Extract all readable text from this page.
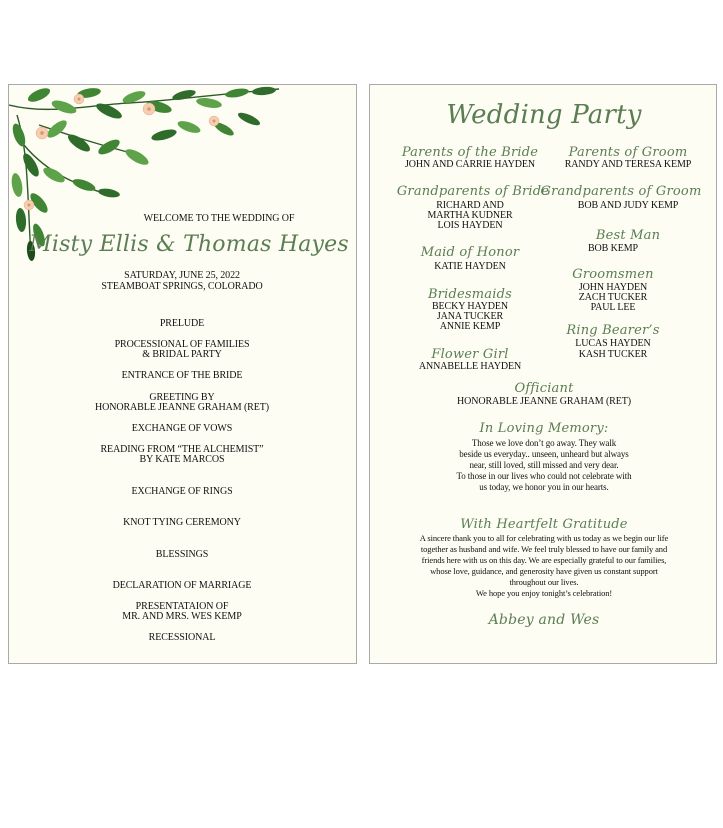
WELCOME TO THE WEDDING OF
Misty Ellis & Thomas Hayes
SATURDAY, JUNE 25, 2022
STEAMBOAT SPRINGS, COLORADO
PRELUDE
PROCESSIONAL OF FAMILIES
& BRIDAL PARTY
ENTRANCE OF THE BRIDE
GREETING BY
HONORABLE JEANNE GRAHAM (RET)
EXCHANGE OF VOWS
READING FROM “THE ALCHEMIST”
BY KATE MARCOS
EXCHANGE OF RINGS
KNOT TYING CEREMONY
BLESSINGS
DECLARATION OF MARRIAGE
PRESENTATAION OF
MR. AND MRS. WES KEMP
RECESSIONAL
Wedding Party
Parents of the Bride
JOHN AND CARRIE HAYDEN
Parents of Groom
RANDY AND TERESA KEMP
Grandparents of Bride
RICHARD AND
MARTHA KUDNER
LOIS HAYDEN
Grandparents of Groom
BOB AND JUDY KEMP
Best Man
BOB KEMP
Maid of Honor
KATIE HAYDEN
Groomsmen
JOHN HAYDEN
ZACH TUCKER
PAUL LEE
Bridesmaids
BECKY HAYDEN
JANA TUCKER
ANNIE KEMP	Ring Bearer’s
LUCAS HAYDEN
KASH TUCKER
Flower Girl
ANNABELLE HAYDEN
Officiant
HONORABLE JEANNE GRAHAM (RET)
In Loving Memory:
Those we love don’t go away. They walk
beside us everyday.. unseen, unheard but always
near, still loved, still missed and very dear.
To those in our lives who could not celebrate with
us today, we honor you in our hearts.
With Heartfelt Gratitude
A sincere thank you to all for celebrating with us today as we begin our life
together as husband and wife. We feel truly blessed to have our family and
friends here with us on this day. We are especially grateful to our families,
whose love, guidance, and generosity have given us constant support
throughout our lives.
We hope you enjoy tonight’s celebration!
Abbey and Wes
